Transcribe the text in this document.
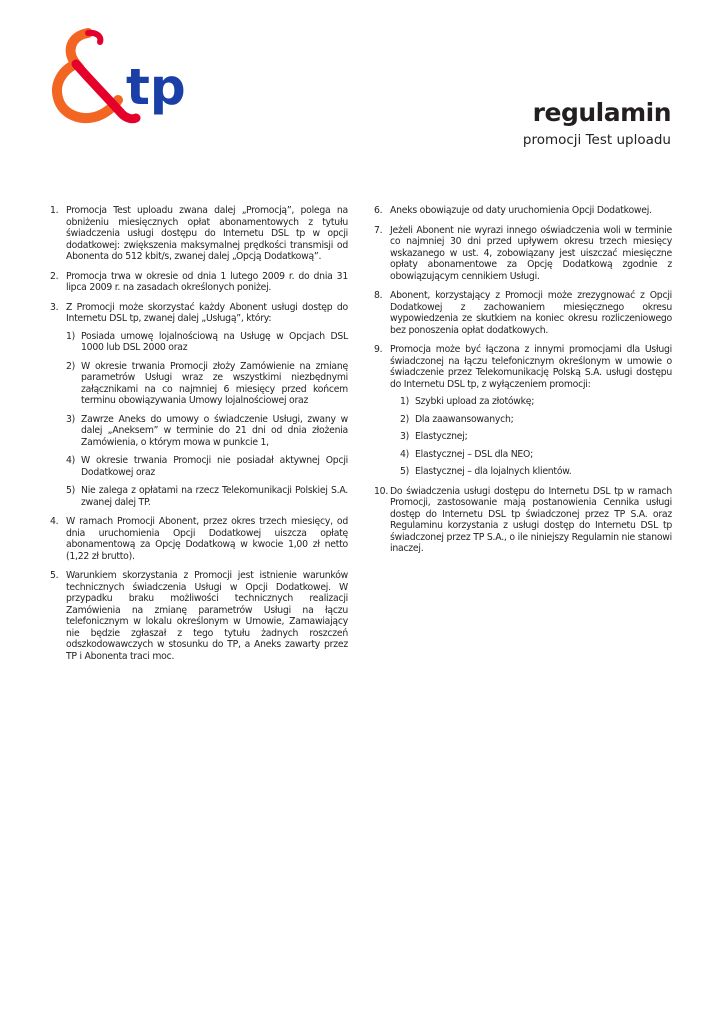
tp	regulamin

promocji Test uploadu

1. Promocja Test uploadu zwana dalej „Promocją”, polega na obniżeniu miesięcznych opłat abonamentowych z tytułu świadczenia usługi dostępu do Internetu DSL tp w opcji dodatkowej: zwiększenia maksymalnej prędkości transmisji od Abonenta do 512 kbit/s, zwanej dalej „Opcją Dodatkową”.
2. Promocja trwa w okresie od dnia 1 lutego 2009 r. do dnia 31 lipca 2009 r. na zasadach określonych poniżej.
3. Z Promocji może skorzystać każdy Abonent usługi dostęp do Internetu DSL tp, zwanej dalej „Usługą”, który:
1) Posiada umowę lojalnościową na Usługę w Opcjach DSL 1000 lub DSL 2000 oraz
2) W okresie trwania Promocji złoży Zamówienie na zmianę parametrów Usługi wraz ze wszystkimi niezbędnymi załącznikami na co najmniej 6 miesięcy przed końcem terminu obowiązywania Umowy lojalnościowej oraz
3) Zawrze Aneks do umowy o świadczenie Usługi, zwany w dalej „Aneksem” w terminie do 21 dni od dnia złożenia Zamówienia, o którym mowa w punkcie 1,
4) W okresie trwania Promocji nie posiadał aktywnej Opcji Dodatkowej oraz
5) Nie zalega z opłatami na rzecz Telekomunikacji Polskiej S.A. zwanej dalej TP.
4. W ramach Promocji Abonent, przez okres trzech miesięcy, od dnia uruchomienia Opcji Dodatkowej uiszcza opłatę abonamentową za Opcję Dodatkową w kwocie 1,00 zł netto (1,22 zł brutto).
5. Warunkiem skorzystania z Promocji jest istnienie warunków technicznych świadczenia Usługi w Opcji Dodatkowej. W przypadku braku możliwości technicznych realizacji Zamówienia na zmianę parametrów Usługi na łączu telefonicznym w lokalu określonym w Umowie, Zamawiający nie będzie zgłaszał z tego tytułu żadnych roszczeń odszkodowawczych w stosunku do TP, a Aneks zawarty przez TP i Abonenta traci moc.
6. Aneks obowiązuje od daty uruchomienia Opcji Dodatkowej.
7. Jeżeli Abonent nie wyrazi innego oświadczenia woli w terminie co najmniej 30 dni przed upływem okresu trzech miesięcy wskazanego w ust. 4, zobowiązany jest uiszczać miesięczne opłaty abonamentowe za Opcję Dodatkową zgodnie z obowiązującym cennikiem Usługi.
8. Abonent, korzystający z Promocji może zrezygnować z Opcji Dodatkowej z zachowaniem miesięcznego okresu wypowiedzenia ze skutkiem na koniec okresu rozliczeniowego bez ponoszenia opłat dodatkowych.
9. Promocja może być łączona z innymi promocjami dla Usługi świadczonej na łączu telefonicznym określonym w umowie o świadczenie przez Telekomunikację Polską S.A. usługi dostępu do Internetu DSL tp, z wyłączeniem promocji:
1) Szybki upload za złotówkę;
2) Dla zaawansowanych;
3) Elastycznej;
4) Elastycznej – DSL dla NEO;
5) Elastycznej – dla lojalnych klientów.
10. Do świadczenia usługi dostępu do Internetu DSL tp w ramach Promocji, zastosowanie mają postanowienia Cennika usługi dostęp do Internetu DSL tp świadczonej przez TP S.A. oraz Regulaminu korzystania z usługi dostęp do Internetu DSL tp świadczonej przez TP S.A., o ile niniejszy Regulamin nie stanowi inaczej.
